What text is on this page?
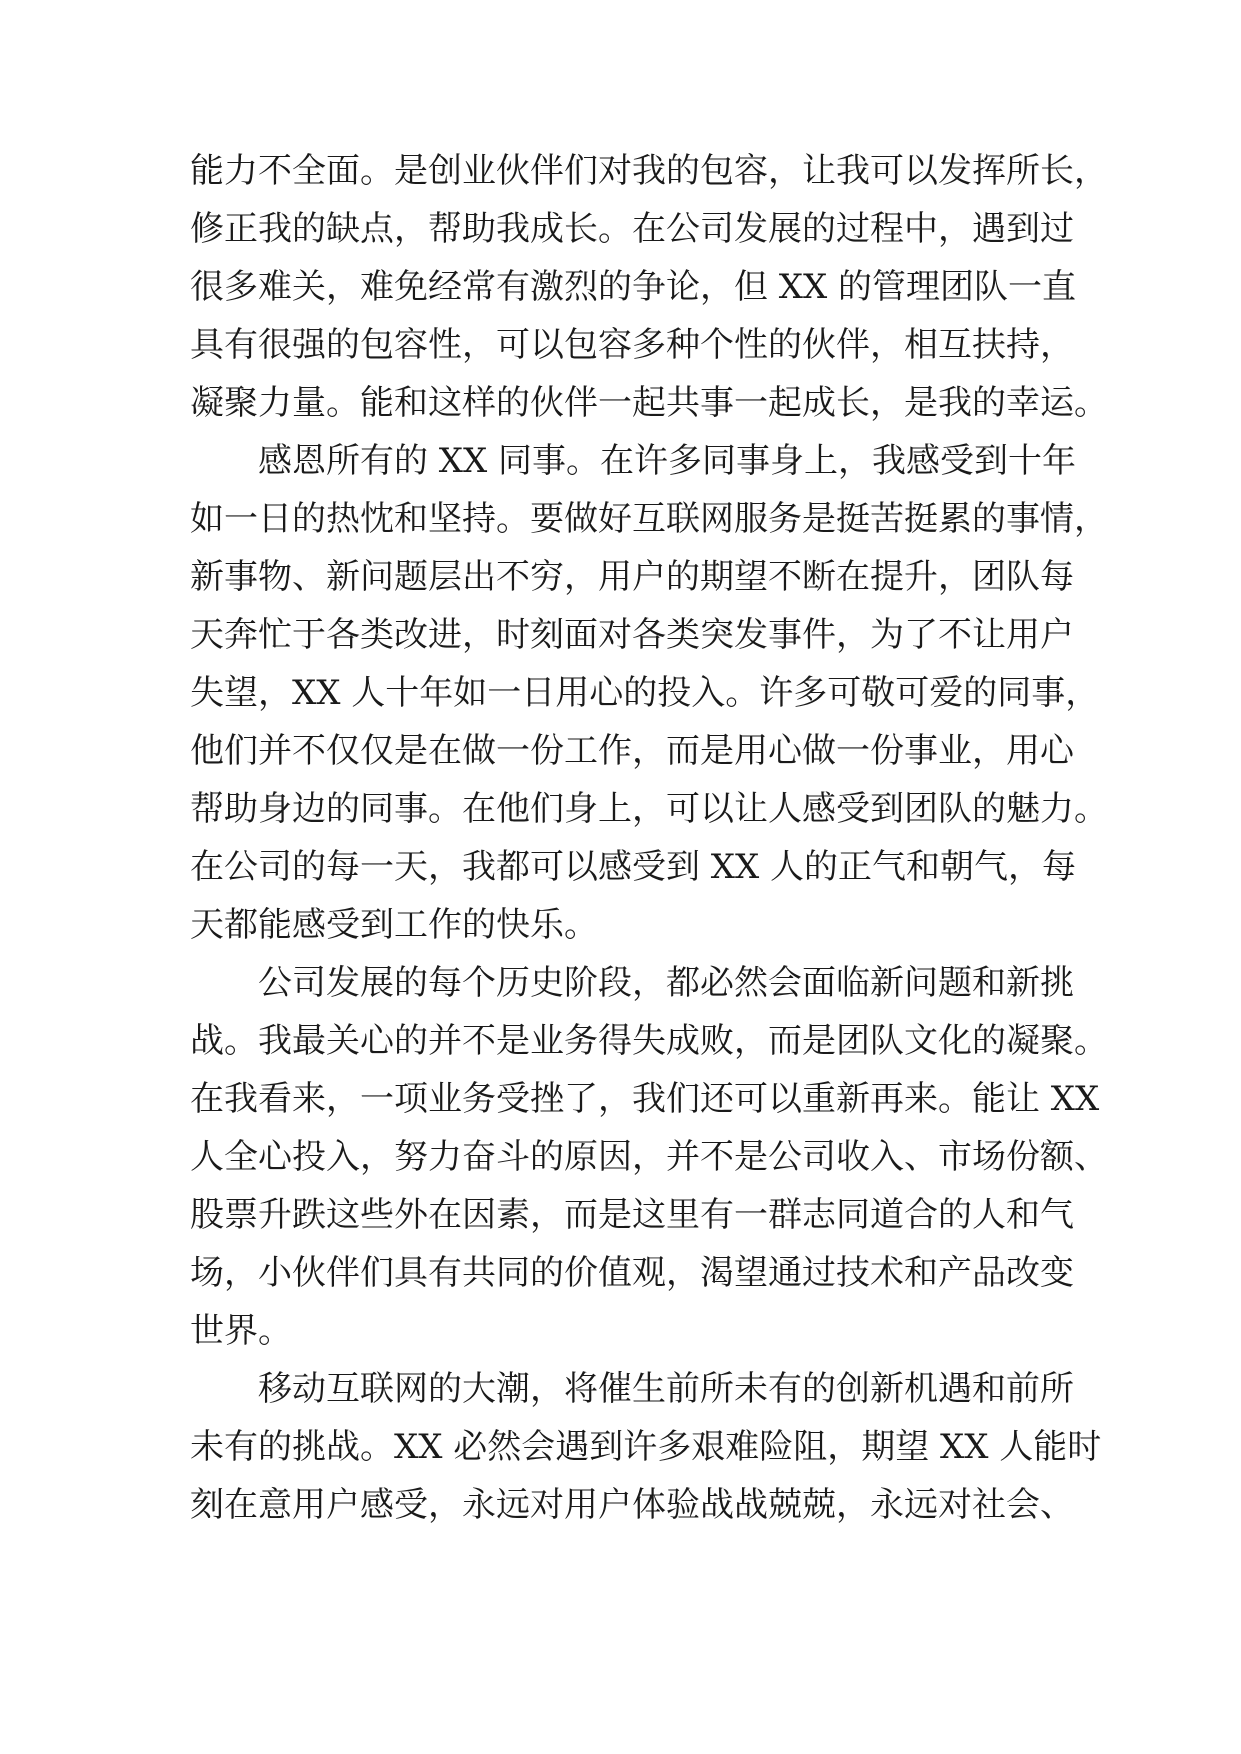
能力不全面。是创业伙伴们对我的包容，让我可以发挥所长，
修正我的缺点，帮助我成长。在公司发展的过程中，遇到过
很多难关，难免经常有激烈的争论，但 XX 的管理团队一直
具有很强的包容性，可以包容多种个性的伙伴，相互扶持，
凝聚力量。能和这样的伙伴一起共事一起成长，是我的幸运。
感恩所有的 XX 同事。在许多同事身上，我感受到十年
如一日的热忱和坚持。要做好互联网服务是挺苦挺累的事情，
新事物、新问题层出不穷，用户的期望不断在提升，团队每
天奔忙于各类改进，时刻面对各类突发事件，为了不让用户
失望，XX 人十年如一日用心的投入。许多可敬可爱的同事，
他们并不仅仅是在做一份工作，而是用心做一份事业，用心
帮助身边的同事。在他们身上，可以让人感受到团队的魅力。
在公司的每一天，我都可以感受到 XX 人的正气和朝气，每
天都能感受到工作的快乐。
公司发展的每个历史阶段，都必然会面临新问题和新挑
战。我最关心的并不是业务得失成败，而是团队文化的凝聚。
在我看来，一项业务受挫了，我们还可以重新再来。能让 XX
人全心投入，努力奋斗的原因，并不是公司收入、市场份额、
股票升跌这些外在因素，而是这里有一群志同道合的人和气
场，小伙伴们具有共同的价值观，渴望通过技术和产品改变
世界。
移动互联网的大潮，将催生前所未有的创新机遇和前所
未有的挑战。XX 必然会遇到许多艰难险阻，期望 XX 人能时
刻在意用户感受，永远对用户体验战战兢兢，永远对社会、
